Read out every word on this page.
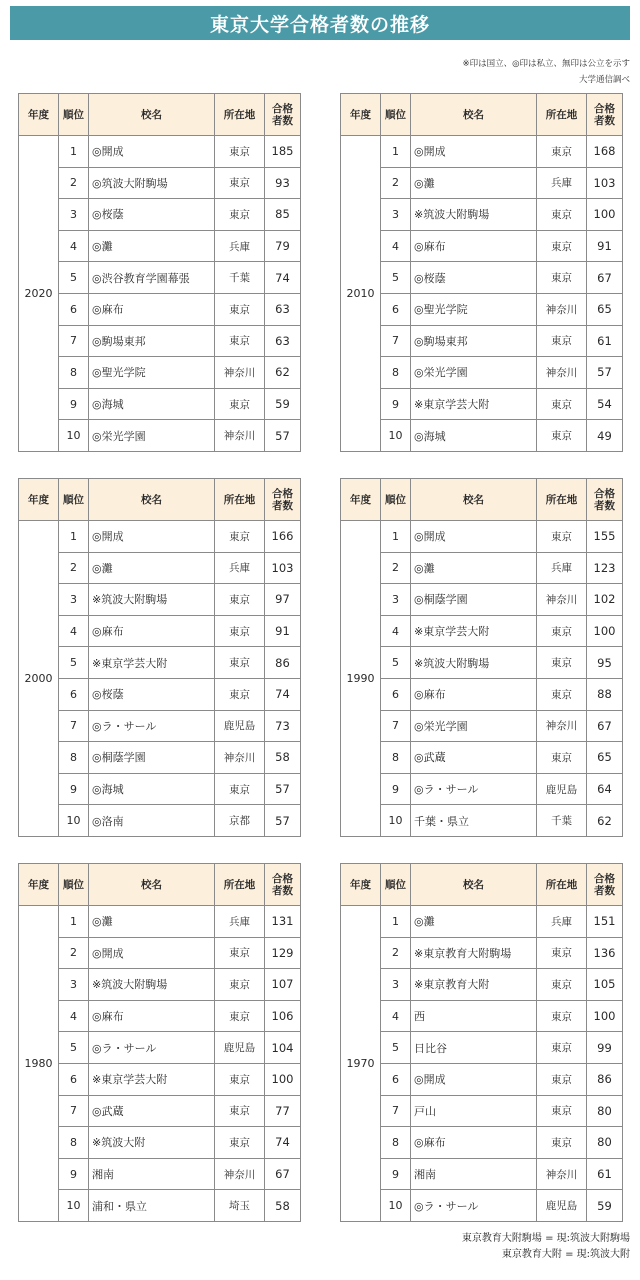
東京大学合格者数の推移
※印は国立、◎印は私立、無印は公立を示す
大学通信調べ
年度	順位	校名	所在地	合格
者数
2020	1	◎開成	東京	185
	2	◎筑波大附駒場	東京	93
	3	◎桜蔭	東京	85
	4	◎灘	兵庫	79
	5	◎渋谷教育学園幕張	千葉	74
	6	◎麻布	東京	63
	7	◎駒場東邦	東京	63
	8	◎聖光学院	神奈川	62
	9	◎海城	東京	59
	10	◎栄光学園	神奈川	57
年度	順位	校名	所在地	合格
者数
2010	1	◎開成	東京	168
	2	◎灘	兵庫	103
	3	※筑波大附駒場	東京	100
	4	◎麻布	東京	91
	5	◎桜蔭	東京	67
	6	◎聖光学院	神奈川	65
	7	◎駒場東邦	東京	61
	8	◎栄光学園	神奈川	57
	9	※東京学芸大附	東京	54
	10	◎海城	東京	49
年度	順位	校名	所在地	合格
者数
2000	1	◎開成	東京	166
	2	◎灘	兵庫	103
	3	※筑波大附駒場	東京	97
	4	◎麻布	東京	91
	5	※東京学芸大附	東京	86
	6	◎桜蔭	東京	74
	7	◎ラ・サール	鹿児島	73
	8	◎桐蔭学園	神奈川	58
	9	◎海城	東京	57
	10	◎洛南	京都	57
年度	順位	校名	所在地	合格
者数
1990	1	◎開成	東京	155
	2	◎灘	兵庫	123
	3	◎桐蔭学園	神奈川	102
	4	※東京学芸大附	東京	100
	5	※筑波大附駒場	東京	95
	6	◎麻布	東京	88
	7	◎栄光学園	神奈川	67
	8	◎武蔵	東京	65
	9	◎ラ・サール	鹿児島	64
	10	千葉・県立	千葉	62
年度	順位	校名	所在地	合格
者数
1980	1	◎灘	兵庫	131
	2	◎開成	東京	129
	3	※筑波大附駒場	東京	107
	4	◎麻布	東京	106
	5	◎ラ・サール	鹿児島	104
	6	※東京学芸大附	東京	100
	7	◎武蔵	東京	77
	8	※筑波大附	東京	74
	9	湘南	神奈川	67
	10	浦和・県立	埼玉	58
年度	順位	校名	所在地	合格
者数
1970	1	◎灘	兵庫	151
	2	※東京教育大附駒場	東京	136
	3	※東京教育大附	東京	105
	4	西	東京	100
	5	日比谷	東京	99
	6	◎開成	東京	86
	7	戸山	東京	80
	8	◎麻布	東京	80
	9	湘南	神奈川	61
	10	◎ラ・サール	鹿児島	59
東京教育大附駒場 = 現:筑波大附駒場
東京教育大附 = 現:筑波大附
